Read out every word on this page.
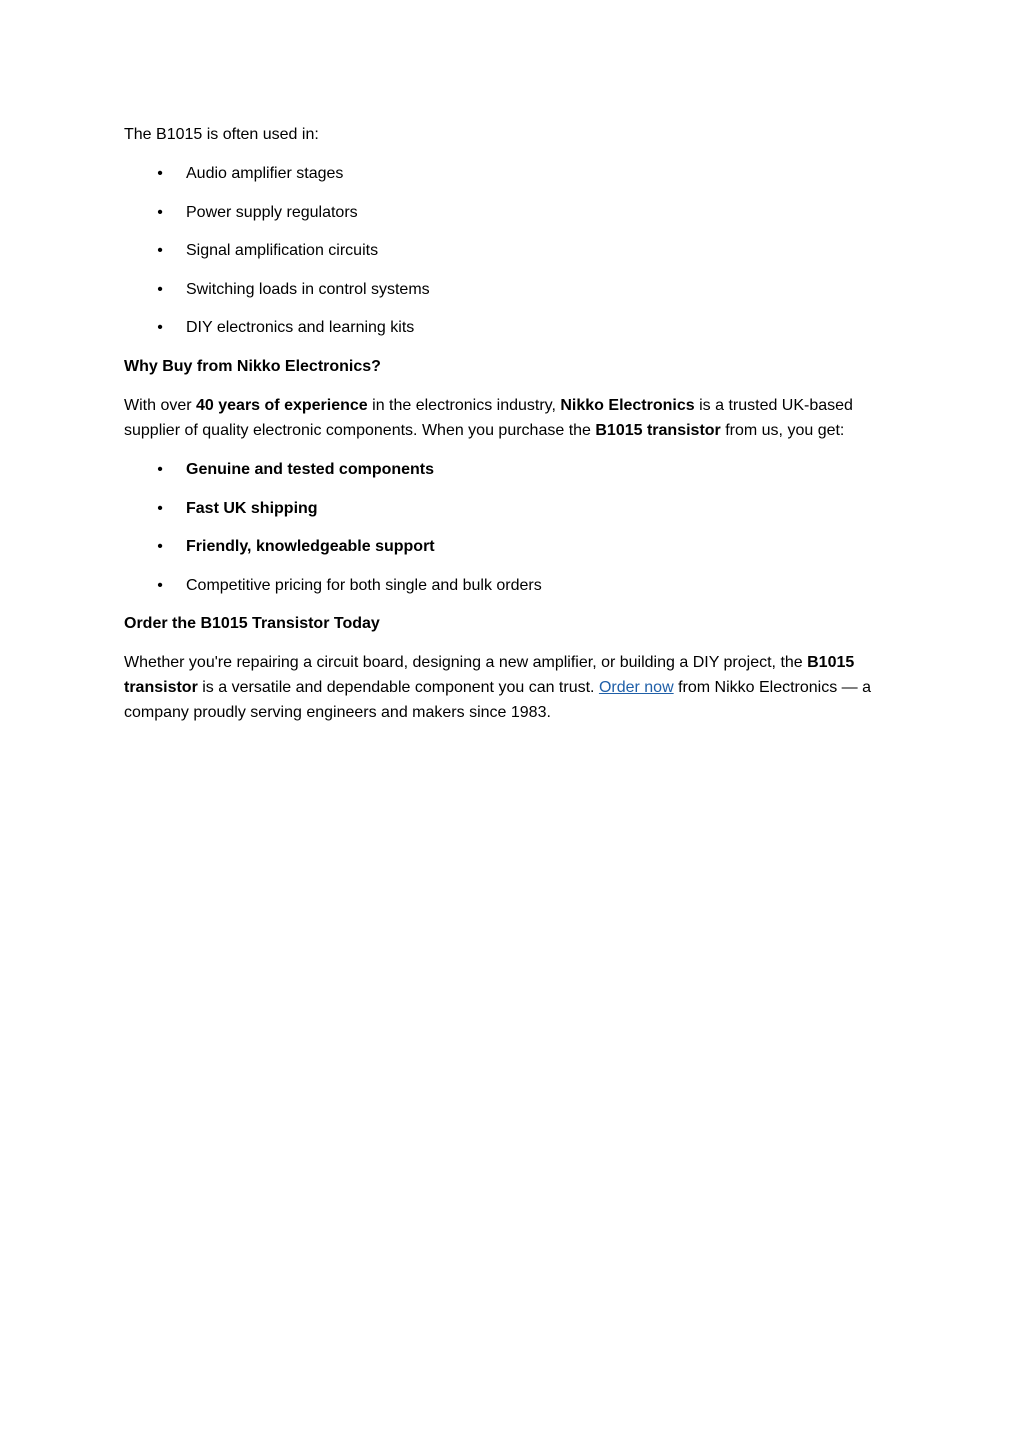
The B1015 is often used in:

• Audio amplifier stages
• Power supply regulators
• Signal amplification circuits
• Switching loads in control systems
• DIY electronics and learning kits

Why Buy from Nikko Electronics?

With over 40 years of experience in the electronics industry, Nikko Electronics is a trusted UK-based supplier of quality electronic components. When you purchase the B1015 transistor from us, you get:

• Genuine and tested components
• Fast UK shipping
• Friendly, knowledgeable support
• Competitive pricing for both single and bulk orders

Order the B1015 Transistor Today

Whether you're repairing a circuit board, designing a new amplifier, or building a DIY project, the B1015 transistor is a versatile and dependable component you can trust. Order now from Nikko Electronics — a company proudly serving engineers and makers since 1983.
